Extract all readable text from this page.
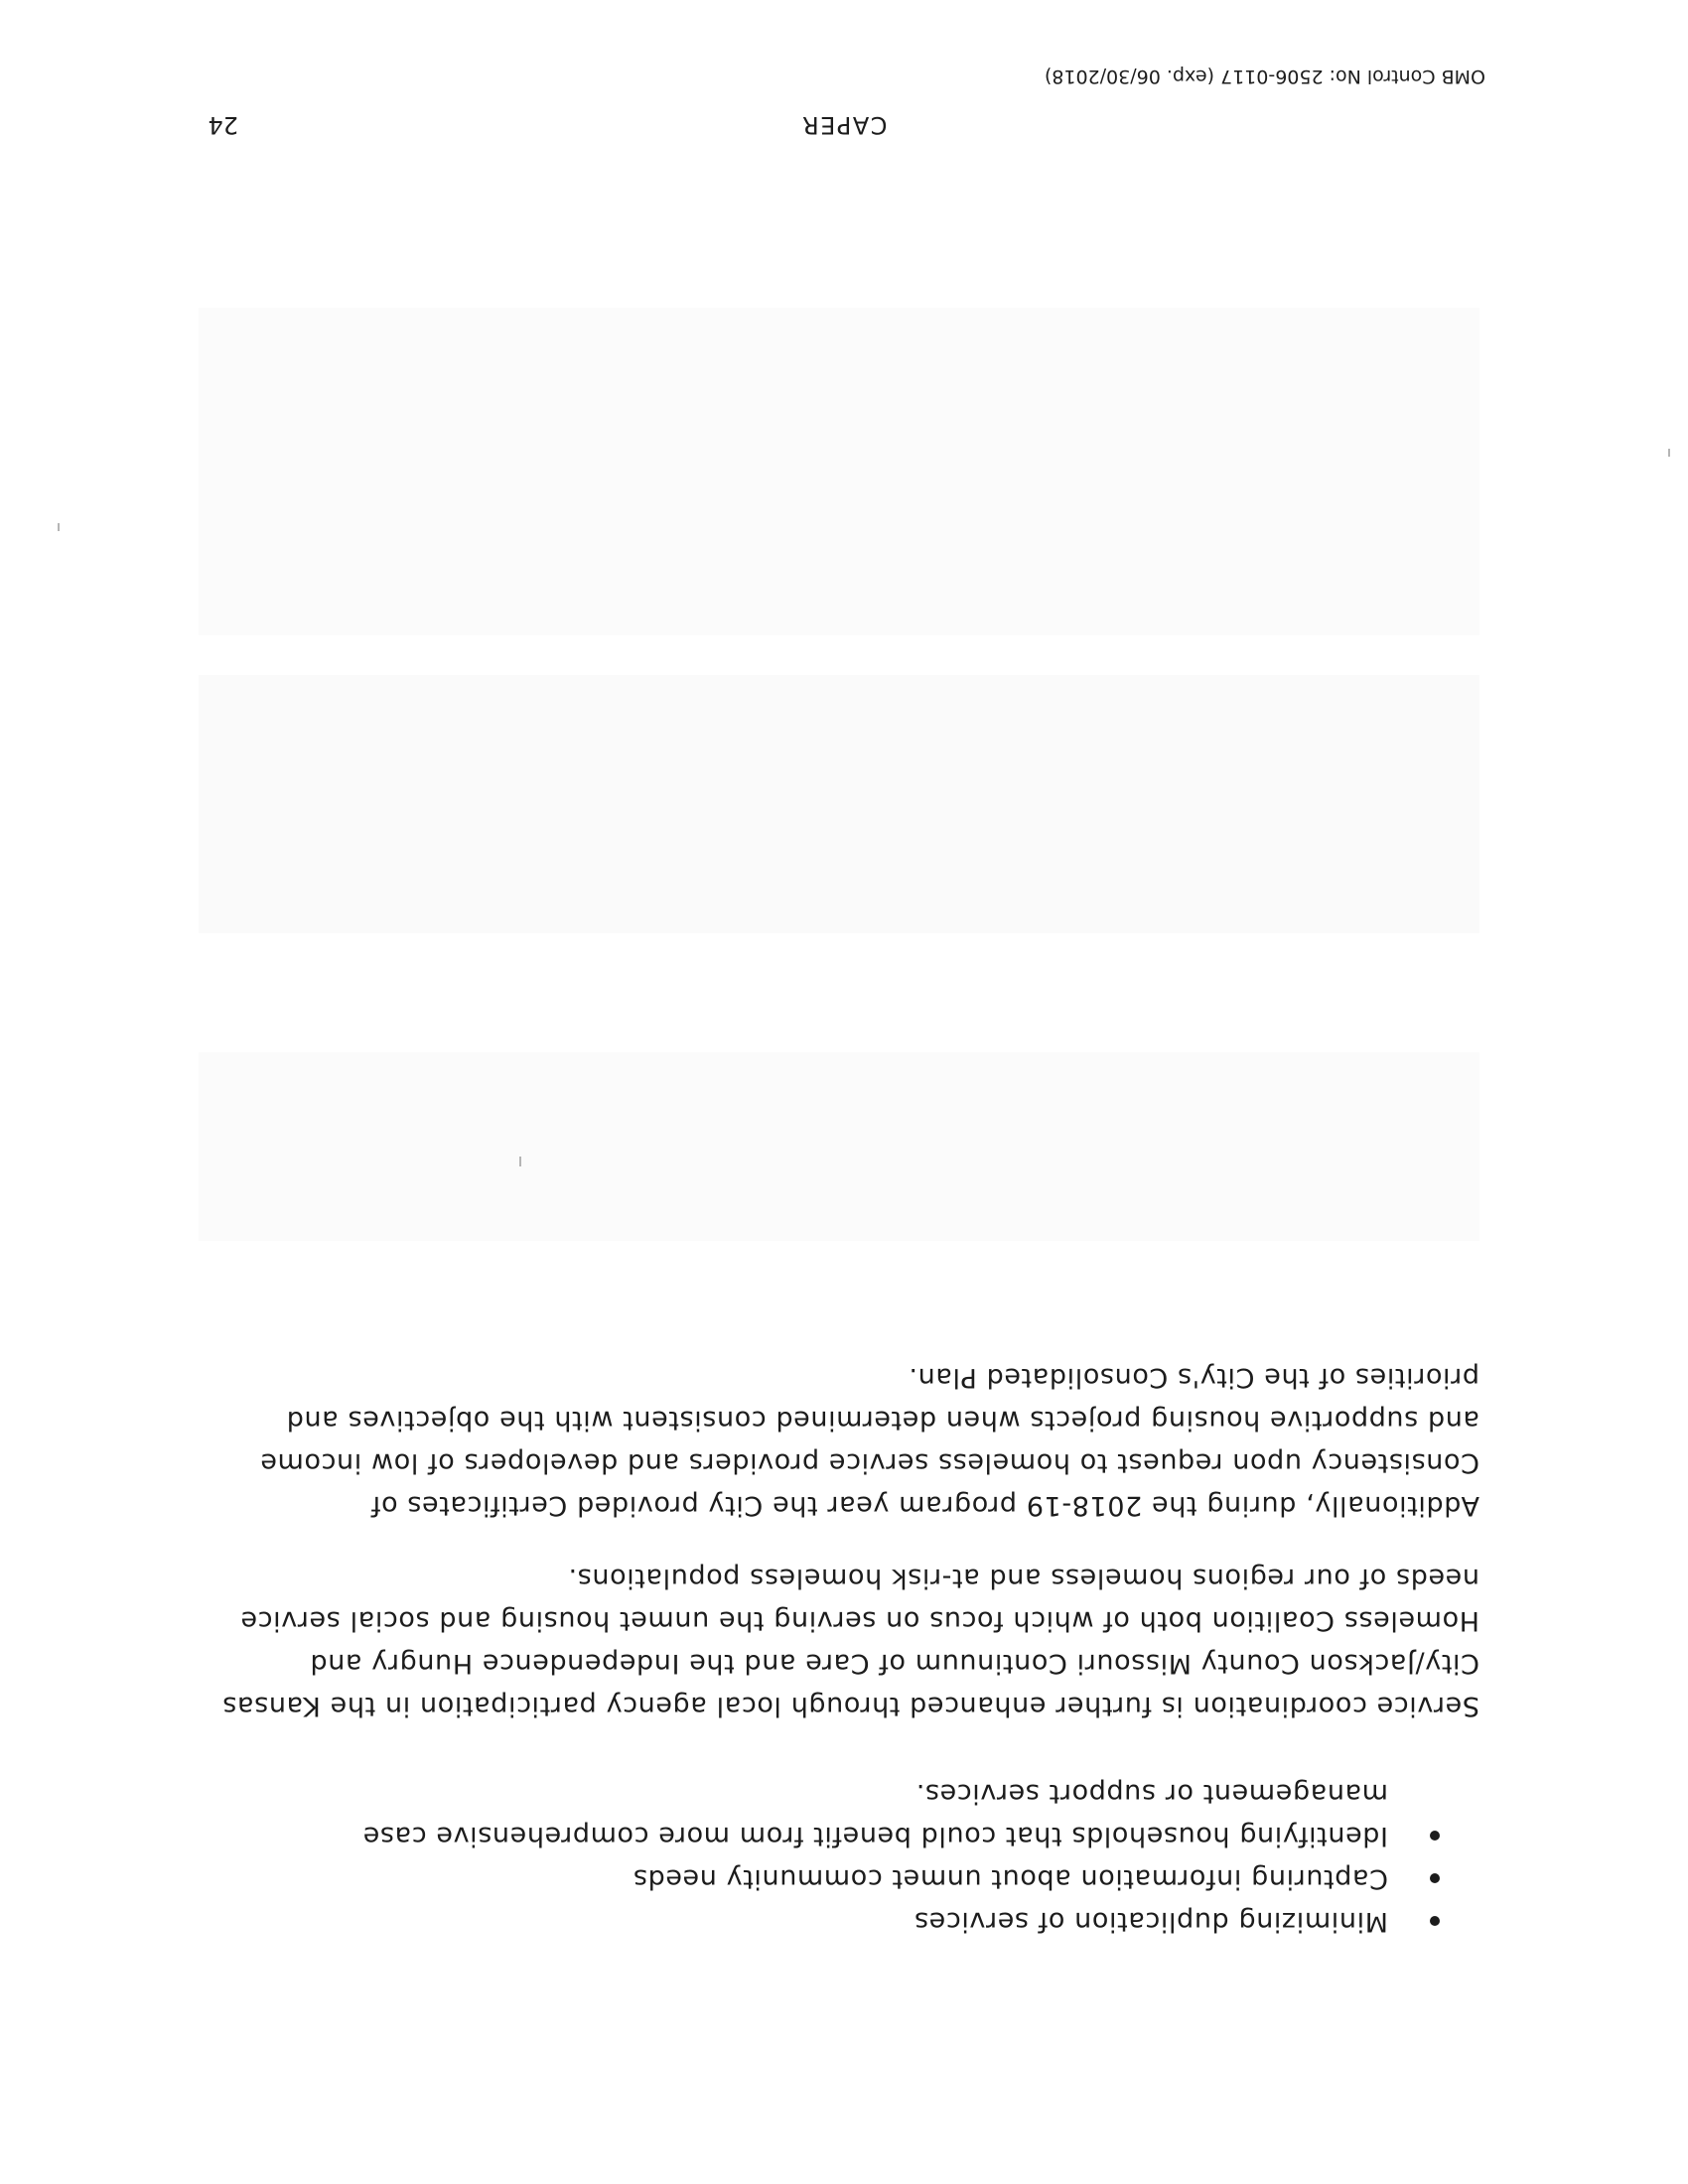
Minimizing duplication of services
Capturing information about unmet community needs
Identifying households that could benefit from more comprehensive case management or support services.

Service coordination is further enhanced through local agency participation in the Kansas City/Jackson County Missouri Continuum of Care and the Independence Hungry and Homeless Coalition both of which focus on serving the unmet housing and social service needs of our regions homeless and at-risk homeless populations.

Additionally, during the 2018-19 program year the City provided Certificates of Consistency upon request to homeless service providers and developers of low income and supportive housing projects when determined consistent with the objectives and priorities of the City's Consolidated Plan.

CAPER
24
OMB Control No: 2506-0117 (exp. 06/30/2018)
